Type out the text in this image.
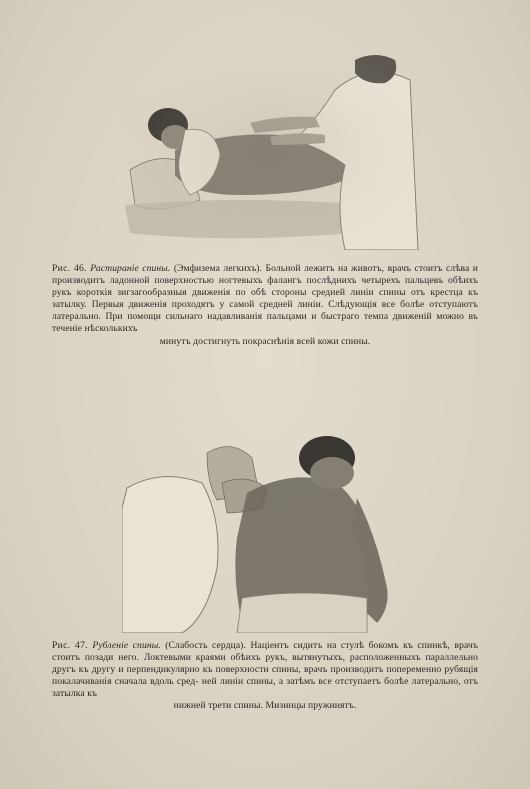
Рис. 46. Растиранiе спины. (Эмфизема легкихъ). Больной лежитъ на животъ, врачъ стоитъ слѣва и производитъ ладонной поверхностью ногтевыхъ фалангъ послѣднихъ четырехъ пальцевъ обѣихъ рукъ короткiя зигзагообразныя движенiя по обѣ стороны средней линiи спины отъ крестца къ затылку. Первыя движенiя проходятъ у самой средней линiи. Слѣдующiя все болѣе отступаютъ латерально. При помощи сильнаго надавливанiя пальцами и быстраго темпа движенiй можно въ теченiе нѣсколькихъ

минутъ достигнуть покраснѣнiя всей кожи спины.

Рис. 47. Рубленiе спины. (Слабость сердца). Нацiентъ сидитъ на стулѣ бокомъ къ спинкѣ, врачъ стоитъ позади него. Локтевыми краями обѣихъ рукъ, вытянутыхъ, расположенныхъ параллельно другъ къ другу и перпендикулярно къ поверхности спины, врачъ производитъ попеременно рубящiя покалачиванiя сначала вдоль сред- ней линiи спины, а затѣмъ все отступаетъ болѣе латерально, отъ затылка къ

нижней трети спины. Мизинцы пружинятъ.
